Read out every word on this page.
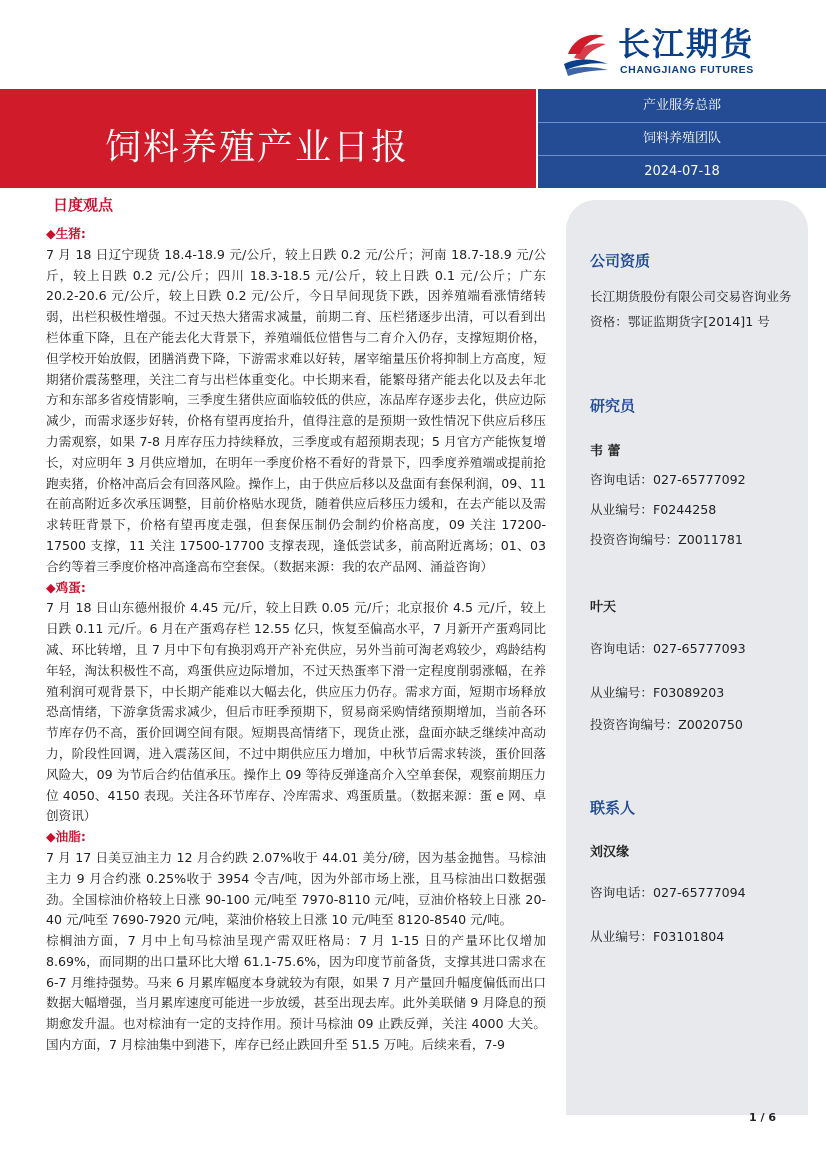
长江期货
CHANGJIANG FUTURES
饲料养殖产业日报
产业服务总部
饲料养殖团队
2024-07-18
日度观点
◆生猪:

7 月 18 日辽宁现货 18.4-18.9 元/公斤，较上日跌 0.2 元/公斤；河南 18.7-18.9 元/公斤，较上日跌 0.2 元/公斤；四川 18.3-18.5 元/公斤，较上日跌 0.1 元/公斤；广东 20.2-20.6 元/公斤，较上日跌 0.2 元/公斤，今日早间现货下跌，因养殖端看涨情绪转弱，出栏积极性增强。不过天热大猪需求减量，前期二育、压栏猪逐步出清，可以看到出栏体重下降，且在产能去化大背景下，养殖端低位惜售与二育介入仍存，支撑短期价格，但学校开始放假，团膳消费下降，下游需求难以好转，屠宰缩量压价将抑制上方高度，短期猪价震荡整理，关注二育与出栏体重变化。中长期来看，能繁母猪产能去化以及去年北方和东部多省疫情影响，三季度生猪供应面临较低的供应，冻品库存逐步去化，供应边际减少，而需求逐步好转，价格有望再度抬升，值得注意的是预期一致性情况下供应后移压力需观察，如果 7-8 月库存压力持续释放，三季度或有超预期表现；5 月官方产能恢复增长，对应明年 3 月供应增加，在明年一季度价格不看好的背景下，四季度养殖端或提前抢跑卖猪，价格冲高后会有回落风险。操作上，由于供应后移以及盘面有套保利润，09、11 在前高附近多次承压调整，目前价格贴水现货，随着供应后移压力缓和，在去产能以及需求转旺背景下，价格有望再度走强，但套保压制仍会制约价格高度，09 关注 17200-17500 支撑，11 关注 17500-17700 支撑表现，逢低尝试多，前高附近离场；01、03 合约等着三季度价格冲高逢高布空套保。（数据来源：我的农产品网、涌益咨询）

◆鸡蛋:

7 月 18 日山东德州报价 4.45 元/斤，较上日跌 0.05 元/斤；北京报价 4.5 元/斤，较上日跌 0.11 元/斤。6 月在产蛋鸡存栏 12.55 亿只，恢复至偏高水平，7 月新开产蛋鸡同比减、环比转增，且 7 月中下旬有换羽鸡开产补充供应，另外当前可淘老鸡较少，鸡龄结构年轻，淘汰积极性不高，鸡蛋供应边际增加，不过天热蛋率下滑一定程度削弱涨幅，在养殖利润可观背景下，中长期产能难以大幅去化，供应压力仍存。需求方面，短期市场释放恐高情绪，下游拿货需求减少，但后市旺季预期下，贸易商采购情绪预期增加，当前各环节库存仍不高，蛋价回调空间有限。短期畏高情绪下，现货止涨，盘面亦缺乏继续冲高动力，阶段性回调，进入震荡区间，不过中期供应压力增加，中秋节后需求转淡，蛋价回落风险大，09 为节后合约估值承压。操作上 09 等待反弹逢高介入空单套保，观察前期压力位 4050、4150 表现。关注各环节库存、冷库需求、鸡蛋质量。（数据来源：蛋 e 网、卓创资讯）

◆油脂:

7 月 17 日美豆油主力 12 月合约跌 2.07%收于 44.01 美分/磅，因为基金抛售。马棕油主力 9 月合约涨 0.25%收于 3954 令吉/吨，因为外部市场上涨，且马棕油出口数据强劲。全国棕油价格较上日涨 90-100 元/吨至 7970-8110 元/吨，豆油价格较上日涨 20-40 元/吨至 7690-7920 元/吨，菜油价格较上日涨 10 元/吨至 8120-8540 元/吨。

棕榈油方面，7 月中上旬马棕油呈现产需双旺格局：7 月 1-15 日的产量环比仅增加 8.69%，而同期的出口量环比大增 61.1-75.6%，因为印度节前备货，支撑其进口需求在 6-7 月维持强势。马来 6 月累库幅度本身就较为有限，如果 7 月产量回升幅度偏低而出口数据大幅增强，当月累库速度可能进一步放缓，甚至出现去库。此外美联储 9 月降息的预期愈发升温。也对棕油有一定的支持作用。预计马棕油 09 止跌反弹，关注 4000 大关。国内方面，7 月棕油集中到港下，库存已经止跌回升至 51.5 万吨。后续来看，7-9

公司资质
长江期货股份有限公司交易咨询业务资格：鄂证监期货字[2014]1 号
研究员
韦 蕾
咨询电话：027-65777092
从业编号：F0244258
投资咨询编号：Z0011781
叶天
咨询电话：027-65777093
从业编号：F03089203
投资咨询编号：Z0020750
联系人
刘汉缘
咨询电话：027-65777094
从业编号：F03101804
1 / 6
